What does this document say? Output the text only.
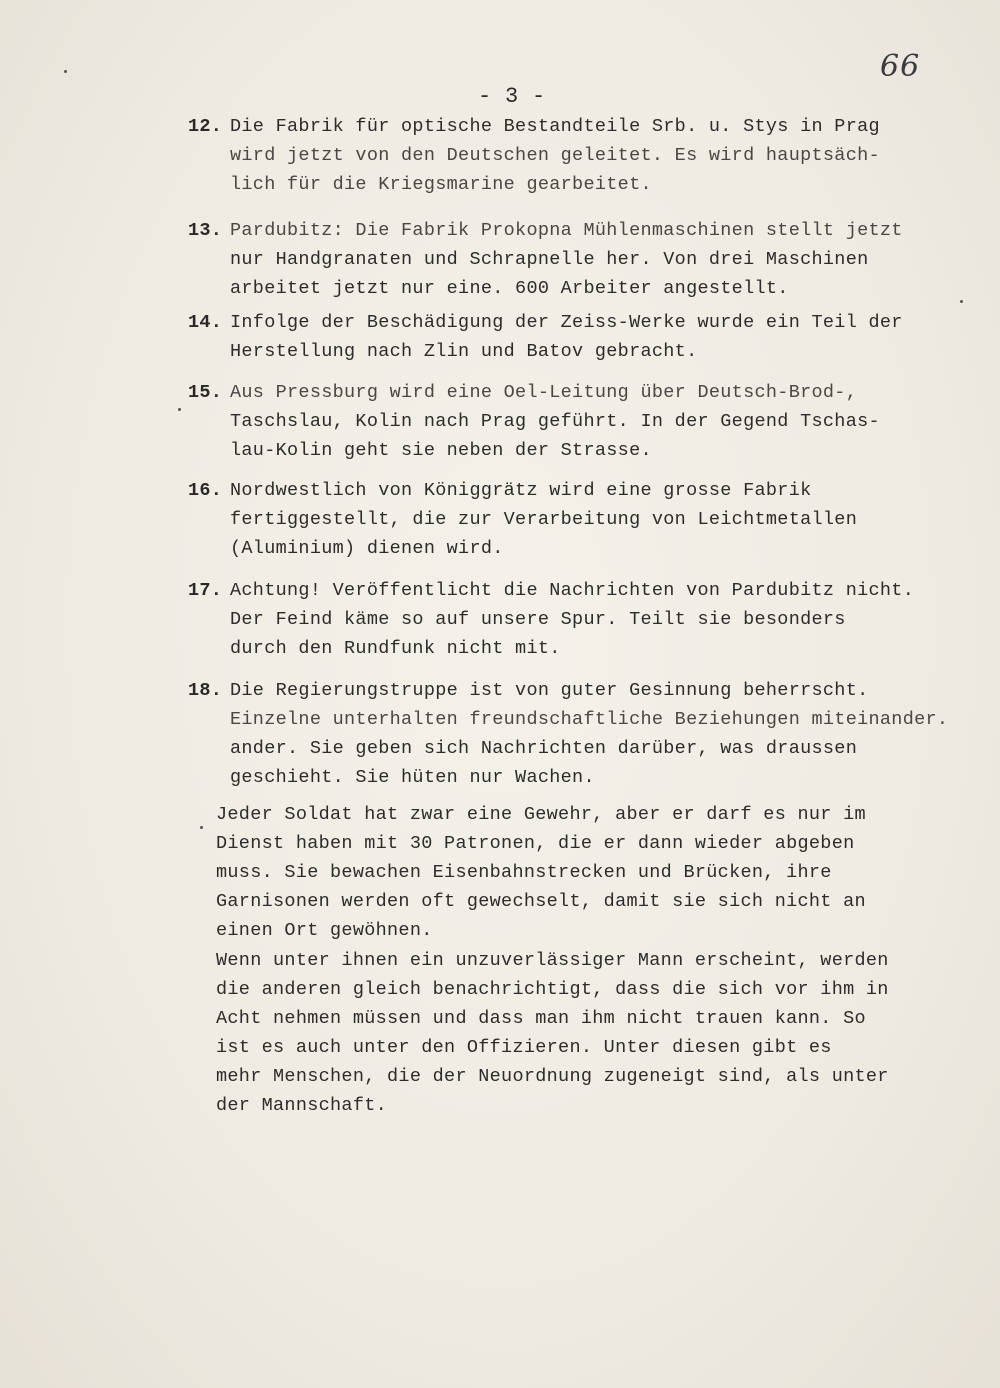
66
- 3 -
12. Die Fabrik für optische Bestandteile Srb. u. Stys in Prag
wird jetzt von den Deutschen geleitet. Es wird hauptsäch-
lich für die Kriegsmarine gearbeitet.
13. Pardubitz: Die Fabrik Prokopna Mühlenmaschinen stellt jetzt
nur Handgranaten und Schrapnelle her. Von drei Maschinen
arbeitet jetzt nur eine. 600 Arbeiter angestellt.
14. Infolge der Beschädigung der Zeiss-Werke wurde ein Teil der
Herstellung nach Zlin und Batov gebracht.
15. Aus Pressburg wird eine Oel-Leitung über Deutsch-Brod-,
Taschslau, Kolin nach Prag geführt. In der Gegend Tschas-
lau-Kolin geht sie neben der Strasse.
16. Nordwestlich von Königgrätz wird eine grosse Fabrik
fertiggestellt, die zur Verarbeitung von Leichtmetallen
(Aluminium) dienen wird.
17. Achtung! Veröffentlicht die Nachrichten von Pardubitz nicht.
Der Feind käme so auf unsere Spur. Teilt sie besonders
durch den Rundfunk nicht mit.
18. Die Regierungstruppe ist von guter Gesinnung beherrscht.
Einzelne unterhalten freundschaftliche Beziehungen miteinander.
ander. Sie geben sich Nachrichten darüber, was draussen
geschieht. Sie hüten nur Wachen.
Jeder Soldat hat zwar eine Gewehr, aber er darf es nur im
Dienst haben mit 30 Patronen, die er dann wieder abgeben
muss. Sie bewachen Eisenbahnstrecken und Brücken, ihre
Garnisonen werden oft gewechselt, damit sie sich nicht an
einen Ort gewöhnen.
Wenn unter ihnen ein unzuverlässiger Mann erscheint, werden
die anderen gleich benachrichtigt, dass die sich vor ihm in
Acht nehmen müssen und dass man ihm nicht trauen kann. So
ist es auch unter den Offizieren. Unter diesen gibt es
mehr Menschen, die der Neuordnung zugeneigt sind, als unter
der Mannschaft.
